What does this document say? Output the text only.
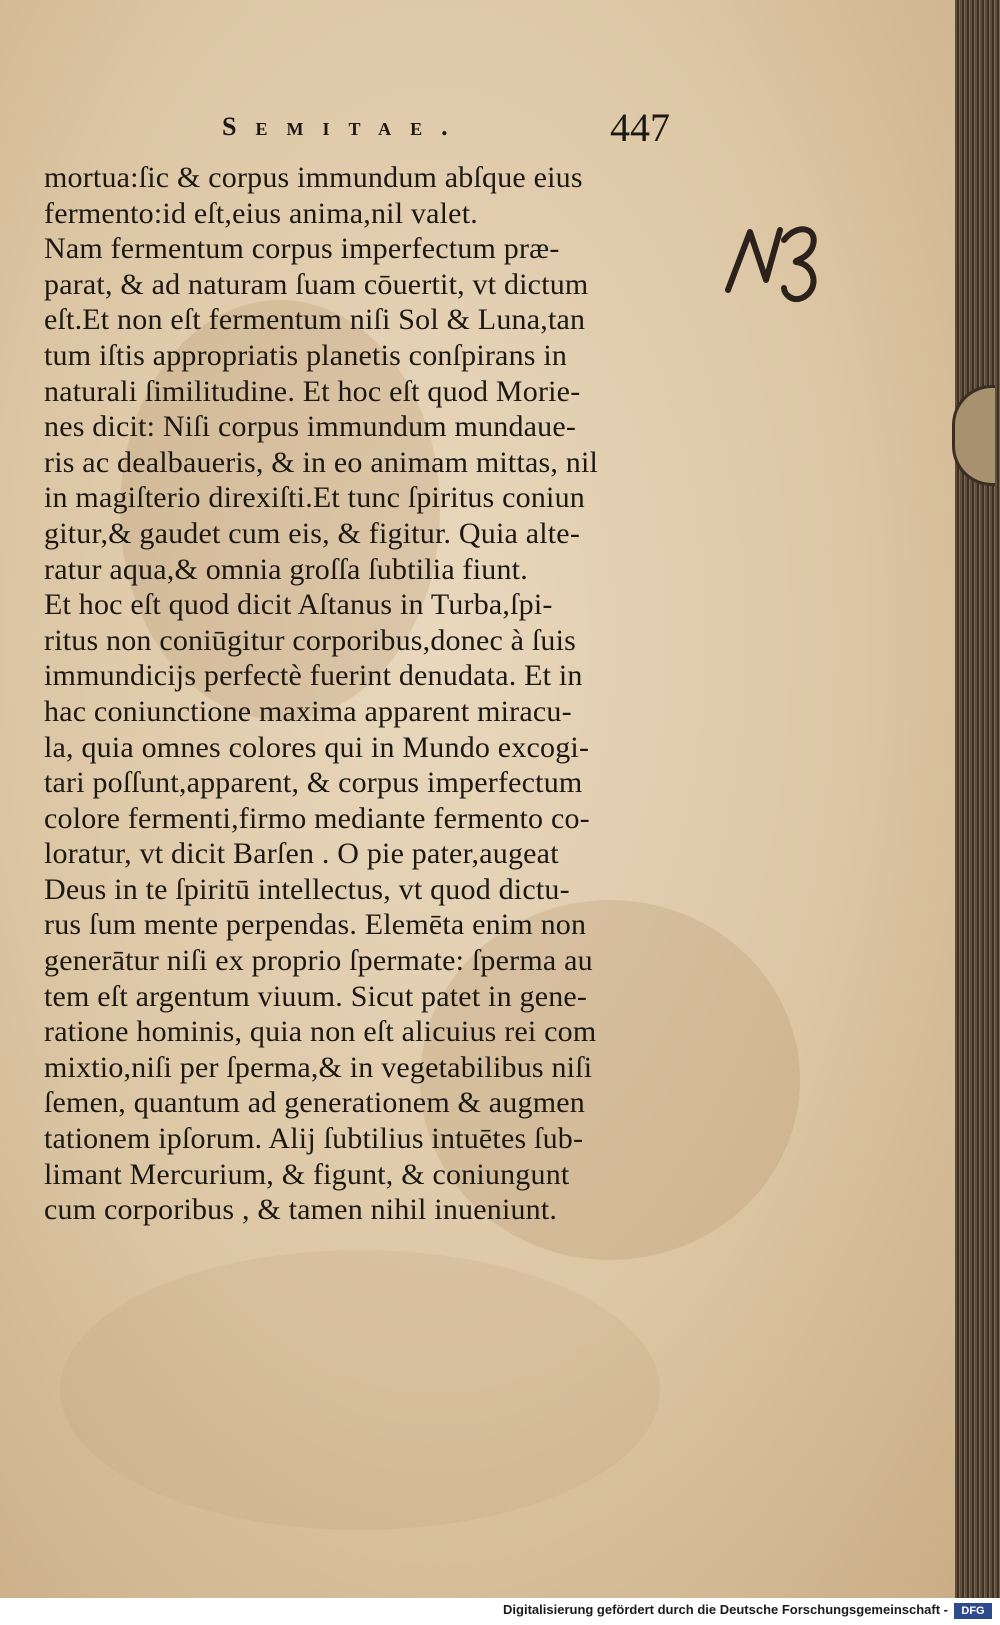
Semitae.	447
mortua:ſic & corpus immundum abſque eius
fermento:id eſt,eius anima,nil valet.
Nam fermentum corpus imperfectum præ-
parat, & ad naturam ſuam cōuertit, vt dictum
eſt.Et non eſt fermentum niſi Sol & Luna,tan
tum iſtis appropriatis planetis conſpirans in
naturali ſimilitudine. Et hoc eſt quod Morie-
nes dicit: Niſi corpus immundum mundaue-
ris ac dealbaueris, & in eo animam mittas, nil
in magiſterio direxiſti.Et tunc ſpiritus coniun
gitur,& gaudet cum eis, & figitur. Quia alte-
ratur aqua,& omnia groſſa ſubtilia fiunt.
Et hoc eſt quod dicit Aſtanus in Turba,ſpi-
ritus non coniūgitur corporibus,donec à ſuis
immundicijs perfectè fuerint denudata. Et in
hac coniunctione maxima apparent miracu-
la, quia omnes colores qui in Mundo excogi-
tari poſſunt,apparent, & corpus imperfectum
colore fermenti,firmo mediante fermento co-
loratur, vt dicit Barſen . O pie pater,augeat
Deus in te ſpiritū intellectus, vt quod dictu-
rus ſum mente perpendas. Elemēta enim non
generātur niſi ex proprio ſpermate: ſperma au
tem eſt argentum viuum. Sicut patet in gene-
ratione hominis, quia non eſt alicuius rei com
mixtio,niſi per ſperma,& in vegetabilibus niſi
ſemen, quantum ad generationem & augmen
tationem ipſorum. Alij ſubtilius intuētes ſub-
limant Mercurium, & figunt, & coniungunt
cum corporibus , & tamen nihil inueniunt.
Digitalisierung gefördert durch die Deutsche Forschungsgemeinschaft -	DFG
